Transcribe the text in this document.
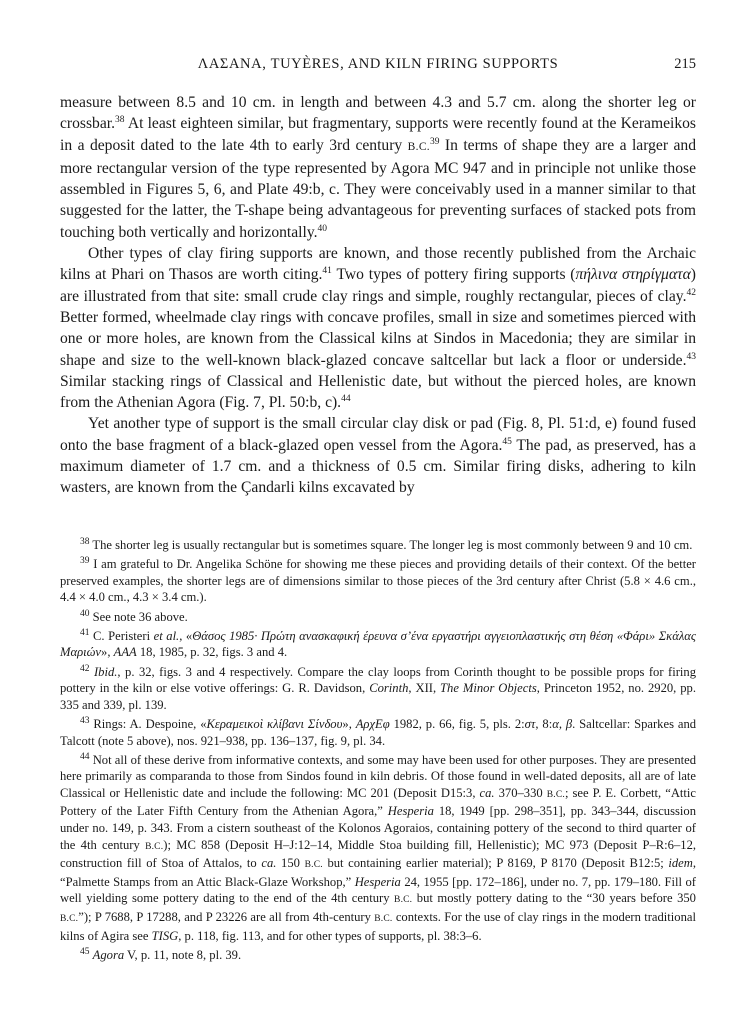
ΛΑΣΑΝΑ, TUYÈRES, AND KILN FIRING SUPPORTS	215

measure between 8.5 and 10 cm. in length and between 4.3 and 5.7 cm. along the shorter leg or crossbar.$^{38}$ At least eighteen similar, but fragmentary, supports were recently found at the Kerameikos in a deposit dated to the late 4th to early 3rd century B.C.$^{39}$ In terms of shape they are a larger and more rectangular version of the type represented by Agora MC 947 and in principle not unlike those assembled in Figures 5, 6, and Plate 49:b, c. They were conceivably used in a manner similar to that suggested for the latter, the T-shape being advantageous for preventing surfaces of stacked pots from touching both vertically and horizontally.$^{40}$

Other types of clay firing supports are known, and those recently published from the Archaic kilns at Phari on Thasos are worth citing.$^{41}$ Two types of pottery firing supports (πήλινα στηρίγματα) are illustrated from that site: small crude clay rings and simple, roughly rectangular, pieces of clay.$^{42}$ Better formed, wheelmade clay rings with concave profiles, small in size and sometimes pierced with one or more holes, are known from the Classical kilns at Sindos in Macedonia; they are similar in shape and size to the well-known black-glazed concave saltcellar but lack a floor or underside.$^{43}$ Similar stacking rings of Classical and Hellenistic date, but without the pierced holes, are known from the Athenian Agora (Fig. 7, Pl. 50:b, c).$^{44}$

Yet another type of support is the small circular clay disk or pad (Fig. 8, Pl. 51:d, e) found fused onto the base fragment of a black-glazed open vessel from the Agora.$^{45}$ The pad, as preserved, has a maximum diameter of 1.7 cm. and a thickness of 0.5 cm. Similar firing disks, adhering to kiln wasters, are known from the Çandarli kilns excavated by

$^{38}$ The shorter leg is usually rectangular but is sometimes square. The longer leg is most commonly between 9 and 10 cm.

$^{39}$ I am grateful to Dr. Angelika Schöne for showing me these pieces and providing details of their context. Of the better preserved examples, the shorter legs are of dimensions similar to those pieces of the 3rd century after Christ (5.8 × 4.6 cm., 4.4 × 4.0 cm., 4.3 × 3.4 cm.).

$^{40}$ See note 36 above.

$^{41}$ C. Peristeri et al., «Θάσος 1985· Πρώτη ανασκαφική έρευνα σ’ένα εργαστήρι αγγειοπλαστικής στη θέση «Φάρι» Σκάλας Μαριών», AAA 18, 1985, p. 32, figs. 3 and 4.

$^{42}$ Ibid., p. 32, figs. 3 and 4 respectively. Compare the clay loops from Corinth thought to be possible props for firing pottery in the kiln or else votive offerings: G. R. Davidson, Corinth, XII, The Minor Objects, Princeton 1952, no. 2920, pp. 335 and 339, pl. 139.

$^{43}$ Rings: A. Despoine, «Κεραμεικοὶ κλίβανι Σίνδου», ΑρχΕφ 1982, p. 66, fig. 5, pls. 2:στ, 8:α, β. Saltcellar: Sparkes and Talcott (note 5 above), nos. 921–938, pp. 136–137, fig. 9, pl. 34.

$^{44}$ Not all of these derive from informative contexts, and some may have been used for other purposes. They are presented here primarily as comparanda to those from Sindos found in kiln debris. Of those found in well-dated deposits, all are of late Classical or Hellenistic date and include the following: MC 201 (Deposit D15:3, ca. 370–330 B.C.; see P. E. Corbett, “Attic Pottery of the Later Fifth Century from the Athenian Agora,” Hesperia 18, 1949 [pp. 298–351], pp. 343–344, discussion under no. 149, p. 343. From a cistern southeast of the Kolonos Agoraios, containing pottery of the second to third quarter of the 4th century B.C.); MC 858 (Deposit H–J:12–14, Middle Stoa building fill, Hellenistic); MC 973 (Deposit P–R:6–12, construction fill of Stoa of Attalos, to ca. 150 B.C. but containing earlier material); P 8169, P 8170 (Deposit B12:5; idem, “Palmette Stamps from an Attic Black-Glaze Workshop,” Hesperia 24, 1955 [pp. 172–186], under no. 7, pp. 179–180. Fill of well yielding some pottery dating to the end of the 4th century B.C. but mostly pottery dating to the “30 years before 350 B.C.”); P 7688, P 17288, and P 23226 are all from 4th-century B.C. contexts. For the use of clay rings in the modern traditional kilns of Agira see TISG, p. 118, fig. 113, and for other types of supports, pl. 38:3–6.

$^{45}$ Agora V, p. 11, note 8, pl. 39.
